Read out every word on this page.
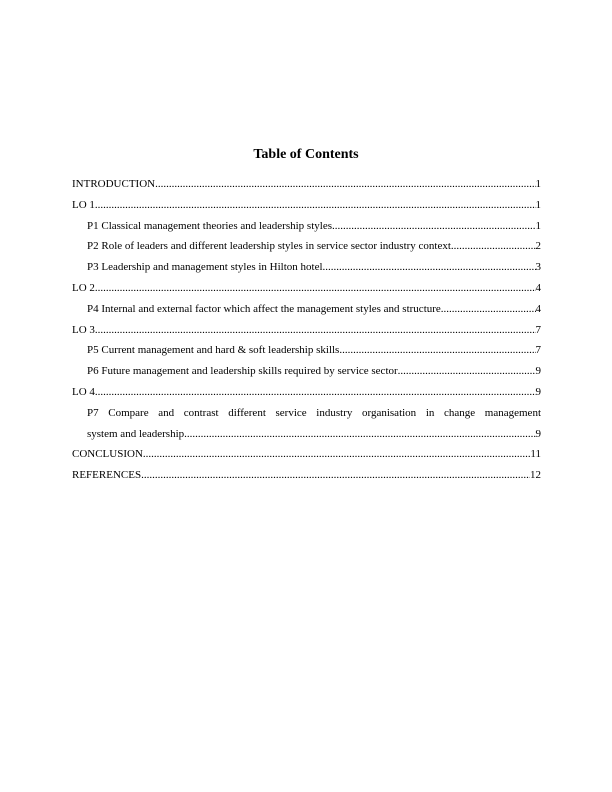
Table of Contents
INTRODUCTION .....	1
LO 1 .....	1
P1 Classical management theories and leadership styles .....	1
P2 Role of leaders and different leadership styles in service sector industry context .....	2
P3 Leadership and management styles in Hilton hotel .....	3
LO 2 .....	4
P4 Internal and external factor which affect the management styles and structure .....	4
LO 3 .....	7
P5 Current management and hard & soft leadership skills .....	7
P6 Future management and leadership skills required by service sector .....	9
LO 4 .....	9
P7 Compare and contrast different service industry organisation in change management
system and leadership .....	9
CONCLUSION .....	11
REFERENCES .....	12
